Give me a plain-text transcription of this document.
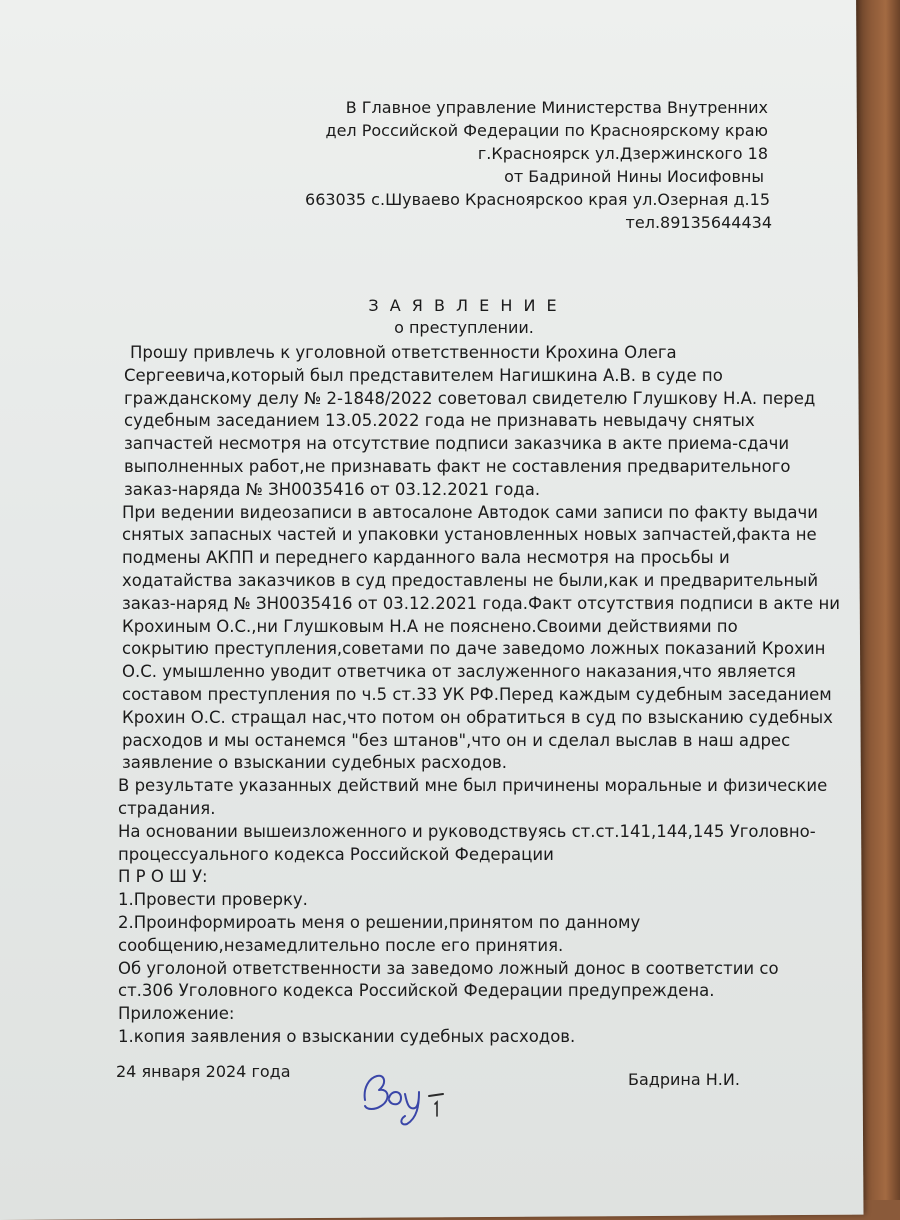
В Главное управление Министерства Внутренних
дел Российской Федерации по Красноярскому краю
г.Красноярск ул.Дзержинского 18
от Бадриной Нины Иосифовны
663035 с.Шуваево Красноярскоо края ул.Озерная д.15
тел.89135644434
З А Я В Л Е Н И Е
о преступлении.
Прошу привлечь к уголовной ответственности Крохина Олега
Сергеевича,который был представителем Нагишкина А.В. в суде по
гражданскому делу № 2-1848/2022 советовал свидетелю Глушкову Н.А. перед
судебным заседанием 13.05.2022 года не признавать невыдачу снятых
запчастей несмотря на отсутствие подписи заказчика в акте приема-сдачи
выполненных работ,не признавать факт не составления предварительного
заказ-наряда № ЗН0035416 от 03.12.2021 года.
При ведении видеозаписи в автосалоне Автодок сами записи по факту выдачи
снятых запасных частей и упаковки установленных новых запчастей,факта не
подмены АКПП и переднего карданного вала несмотря на просьбы и
ходатайства заказчиков в суд предоставлены не были,как и предварительный
заказ-наряд № ЗН0035416 от 03.12.2021 года.Факт отсутствия подписи в акте ни
Крохиным О.С.,ни Глушковым Н.А не пояснено.Своими действиями по
сокрытию преступления,советами по даче заведомо ложных показаний Крохин
О.С. умышленно уводит ответчика от заслуженного наказания,что является
составом преступления по ч.5 ст.33 УК РФ.Перед каждым судебным заседанием
Крохин О.С. стращал нас,что потом он обратиться в суд по взысканию судебных
расходов и мы останемся "без штанов",что он и сделал выслав в наш адрес
заявление о взыскании судебных расходов.
В результате указанных действий мне был причинены моральные и физические
страдания.
На основании вышеизложенного и руководствуясь ст.ст.141,144,145 Уголовно-
процессуального кодекса Российской Федерации
П Р О Ш У:
1.Провести проверку.
2.Проинформироать меня о решении,принятом по данному
сообщению,незамедлительно после его принятия.
Об уголоной ответственности за заведомо ложный донос в соответстии со
ст.306 Уголовного кодекса Российской Федерации предупреждена.
Приложение:
1.копия заявления о взыскании судебных расходов.
24 января 2024 года	Бадрина Н.И.
